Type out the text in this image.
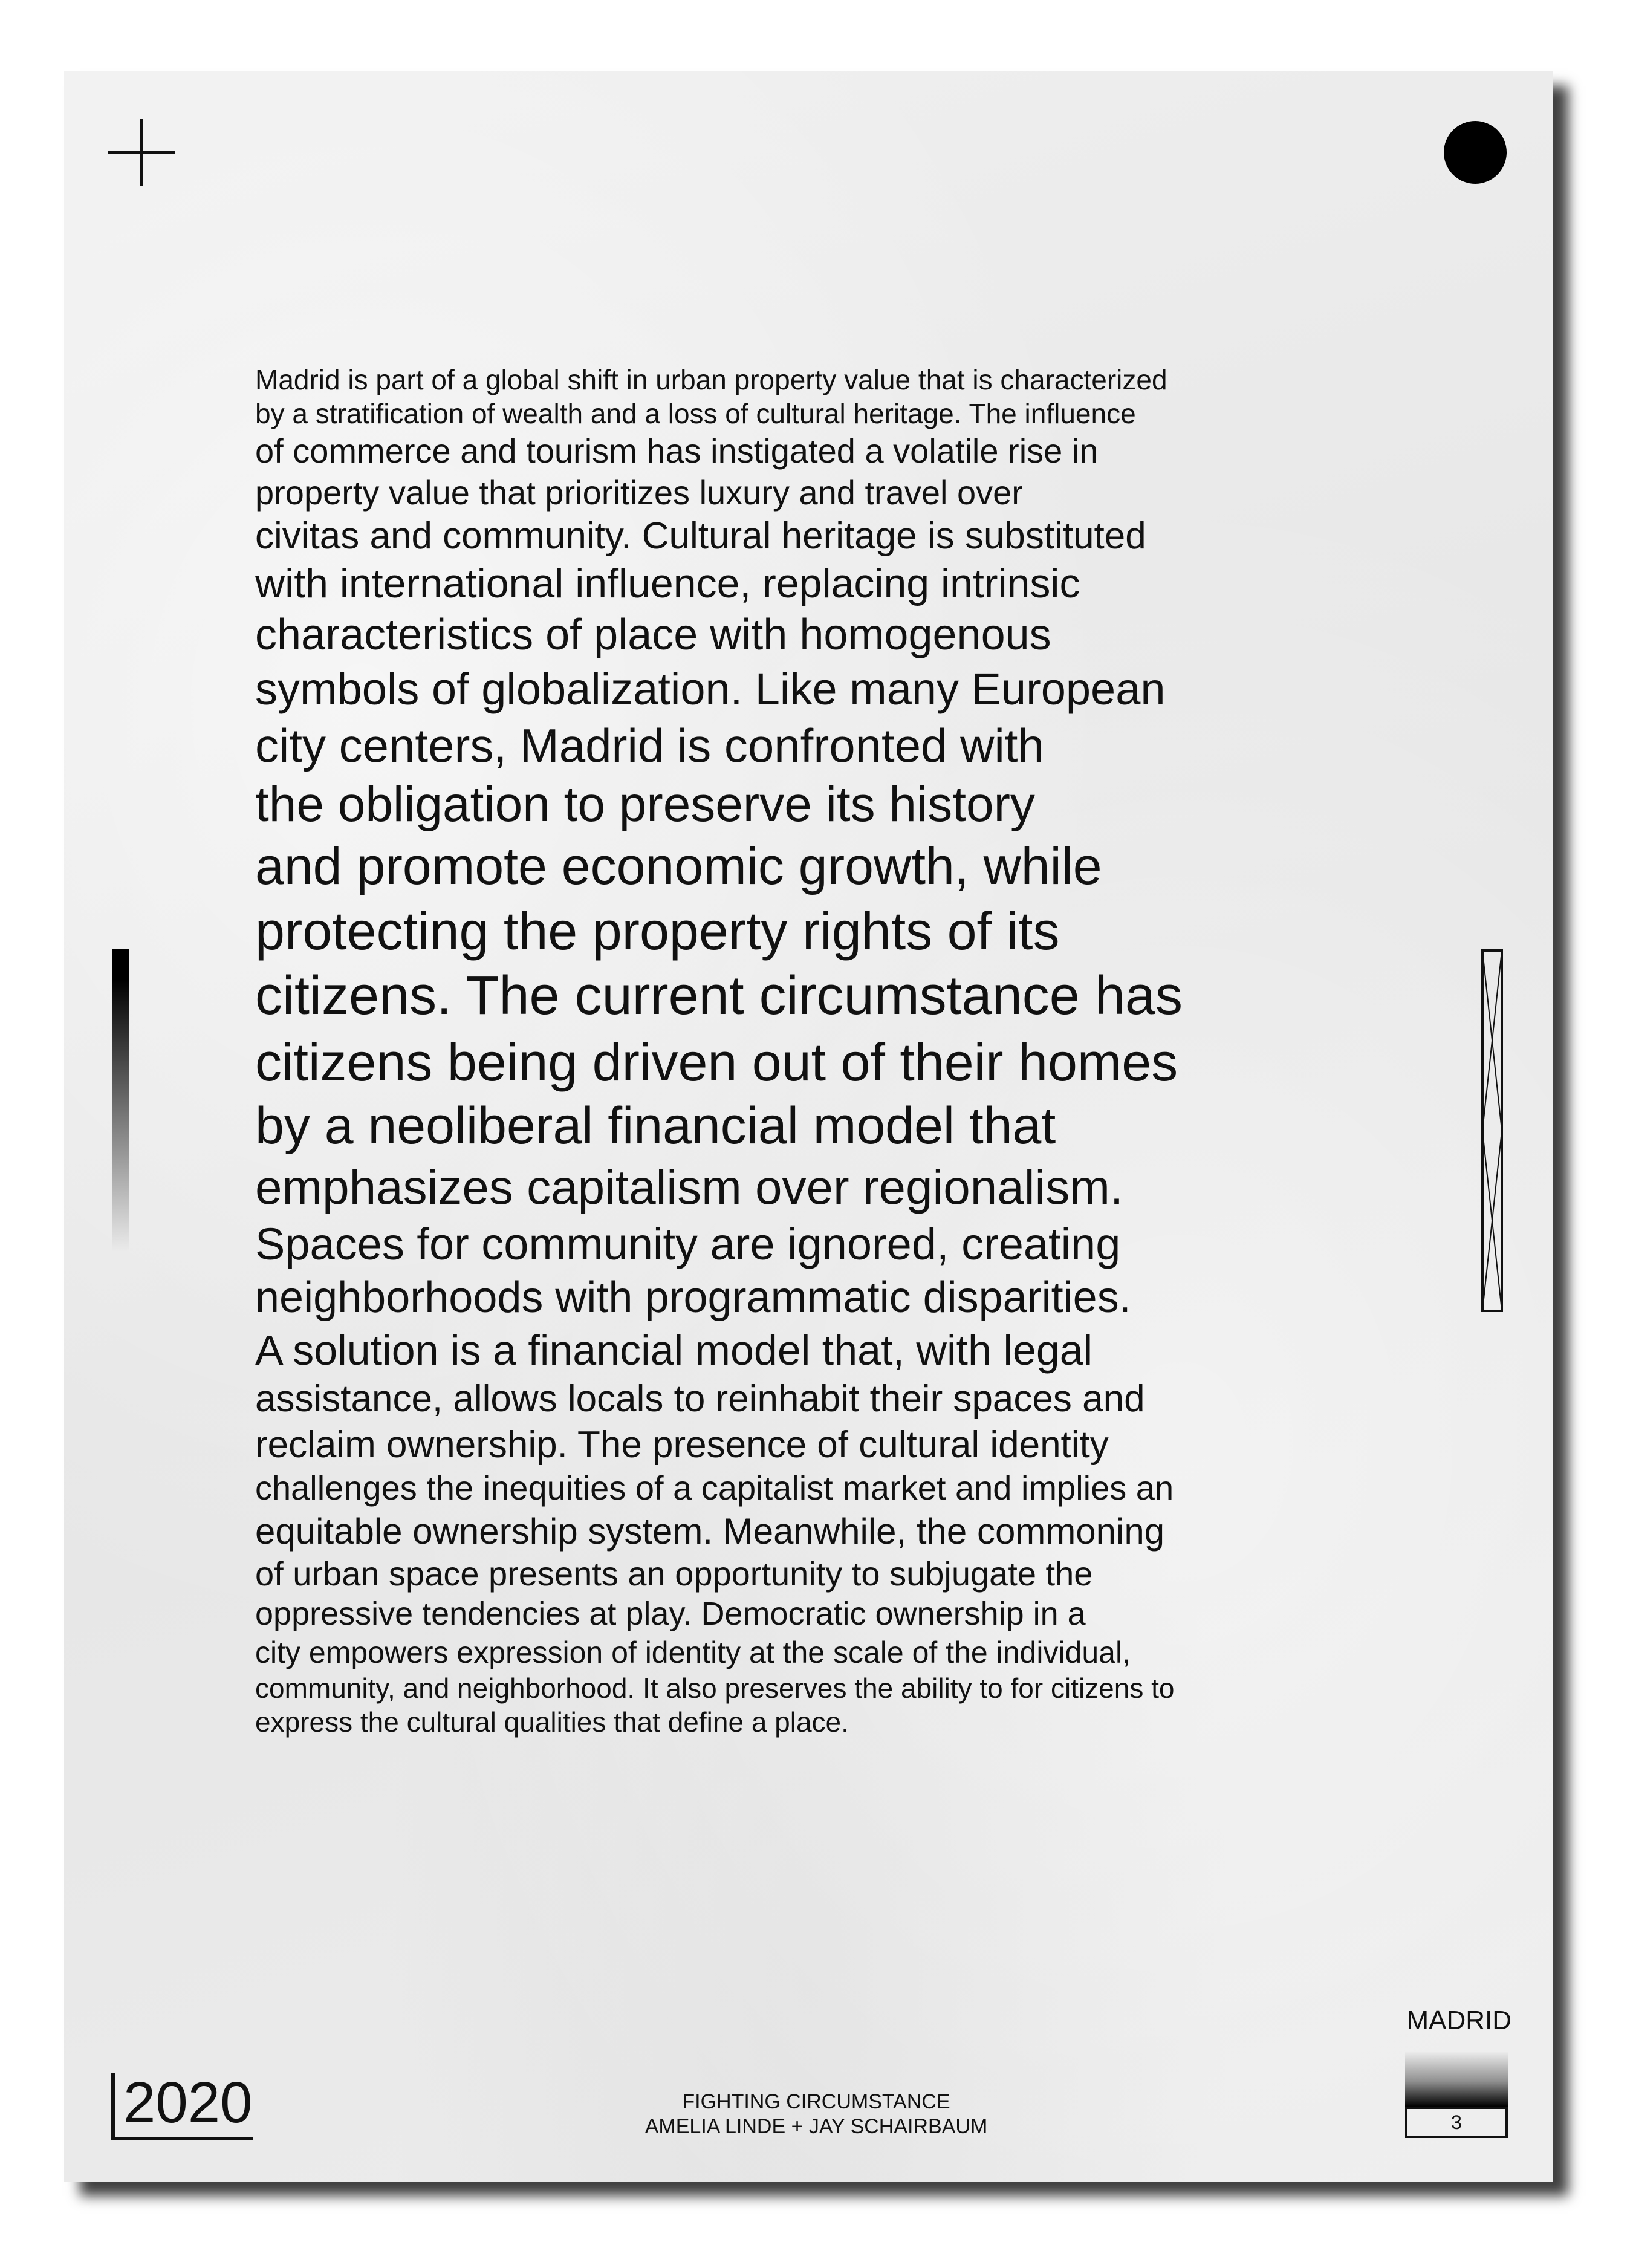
Madrid is part of a global shift in urban property value that is characterized
by a stratification of wealth and a loss of cultural heritage. The influence
of commerce and tourism has instigated a volatile rise in
property value that prioritizes luxury and travel over
civitas and community. Cultural heritage is substituted
with international influence, replacing intrinsic
characteristics of place with homogenous
symbols of globalization. Like many European
city centers, Madrid is confronted with
the obligation to preserve its history
and promote economic growth, while
protecting the property rights of its
citizens. The current circumstance has
citizens being driven out of their homes
by a neoliberal financial model that
emphasizes capitalism over regionalism.
Spaces for community are ignored, creating
neighborhoods with programmatic disparities.
A solution is a financial model that, with legal
assistance, allows locals to reinhabit their spaces and
reclaim ownership. The presence of cultural identity
challenges the inequities of a capitalist market and implies an
equitable ownership system. Meanwhile, the commoning
of urban space presents an opportunity to subjugate the
oppressive tendencies at play. Democratic ownership in a
city empowers expression of identity at the scale of the individual,
community, and neighborhood. It also preserves the ability to for citizens to
express the cultural qualities that define a place.

2020	FIGHTING CIRCUMSTANCE
AMELIA LINDE + JAY SCHAIRBAUM
MADRID
3
